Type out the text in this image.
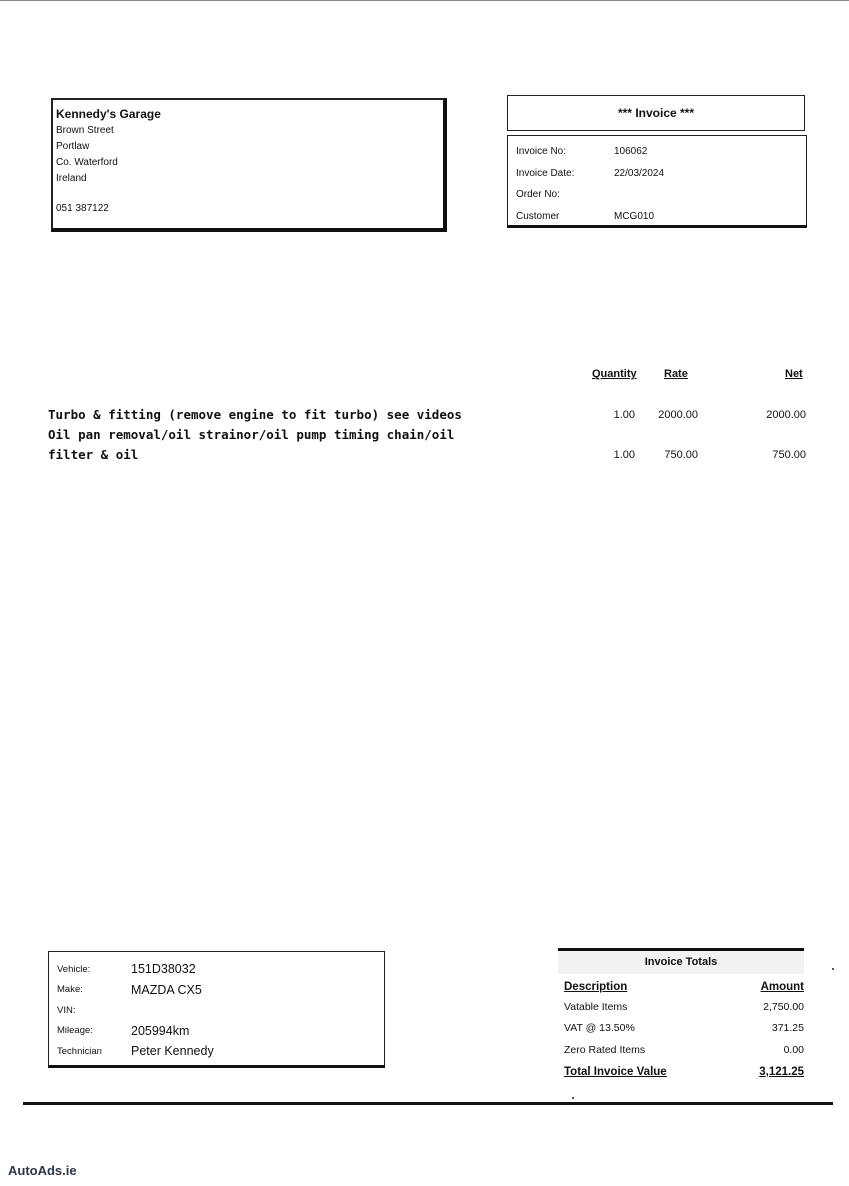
Kennedy's Garage
Brown Street
Portlaw
Co. Waterford
Ireland
051 387122
*** Invoice ***
Invoice No:	106062
Invoice Date:	22/03/2024
Order No:
Customer	MCG010
Quantity Rate	Net
Turbo & fitting (remove engine to fit turbo) see videos	1.00	2000.00	2000.00
Oil pan removal/oil strainor/oil pump timing chain/oil
filter & oil	1.00	750.00	750.00
Vehicle:	151D38032
Make:	MAZDA CX5
VIN:
Mileage:	205994km
Technician	Peter Kennedy
Invoice Totals
Description	Amount
Vatable Items	2,750.00
VAT @ 13.50%	371.25
Zero Rated Items	0.00
Total Invoice Value	3,121.25
AutoAds.ie
